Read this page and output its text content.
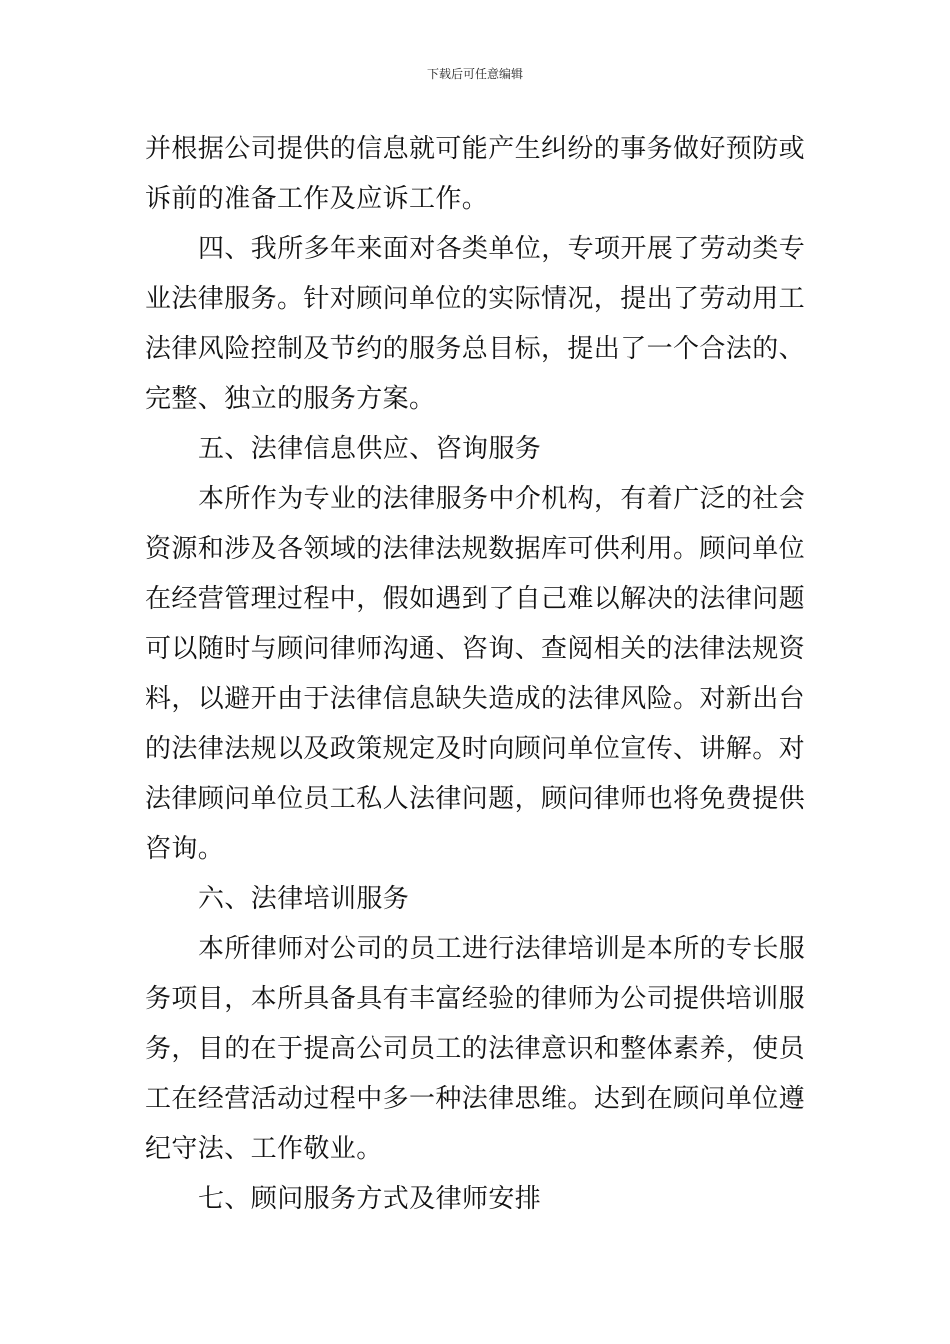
下载后可任意编辑
并根据公司提供的信息就可能产生纠纷的事务做好预防或
诉前的准备工作及应诉工作。
四、我所多年来面对各类单位，专项开展了劳动类专
业法律服务。针对顾问单位的实际情况，提出了劳动用工
法律风险控制及节约的服务总目标，提出了一个合法的、
完整、独立的服务方案。
五、法律信息供应、咨询服务
本所作为专业的法律服务中介机构，有着广泛的社会
资源和涉及各领域的法律法规数据库可供利用。顾问单位
在经营管理过程中，假如遇到了自己难以解决的法律问题
可以随时与顾问律师沟通、咨询、查阅相关的法律法规资
料，以避开由于法律信息缺失造成的法律风险。对新出台
的法律法规以及政策规定及时向顾问单位宣传、讲解。对
法律顾问单位员工私人法律问题，顾问律师也将免费提供
咨询。
六、法律培训服务
本所律师对公司的员工进行法律培训是本所的专长服
务项目，本所具备具有丰富经验的律师为公司提供培训服
务，目的在于提高公司员工的法律意识和整体素养，使员
工在经营活动过程中多一种法律思维。达到在顾问单位遵
纪守法、工作敬业。
七、顾问服务方式及律师安排
